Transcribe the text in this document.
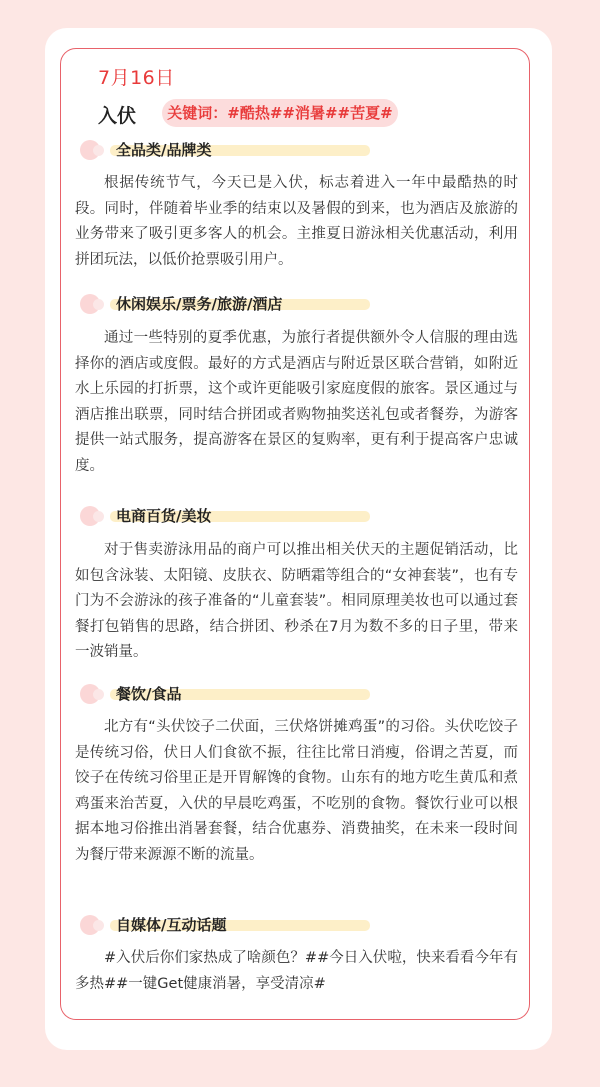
7月16日
入伏	关键词：#酷热##消暑##苦夏#
全品类/品牌类

根据传统节气，今天已是入伏，标志着进入一年中最酷热的时段。同时，伴随着毕业季的结束以及暑假的到来，也为酒店及旅游的业务带来了吸引更多客人的机会。主推夏日游泳相关优惠活动，利用拼团玩法，以低价抢票吸引用户。

休闲娱乐/票务/旅游/酒店

通过一些特别的夏季优惠，为旅行者提供额外令人信服的理由选择你的酒店或度假。最好的方式是酒店与附近景区联合营销，如附近水上乐园的打折票，这个或许更能吸引家庭度假的旅客。景区通过与酒店推出联票，同时结合拼团或者购物抽奖送礼包或者餐券，为游客提供一站式服务，提高游客在景区的复购率，更有利于提高客户忠诚度。

电商百货/美妆

对于售卖游泳用品的商户可以推出相关伏天的主题促销活动，比如包含泳装、太阳镜、皮肤衣、防晒霜等组合的“女神套装”，也有专门为不会游泳的孩子准备的“儿童套装”。相同原理美妆也可以通过套餐打包销售的思路，结合拼团、秒杀在7月为数不多的日子里，带来一波销量。

餐饮/食品

北方有“头伏饺子二伏面，三伏烙饼摊鸡蛋”的习俗。头伏吃饺子是传统习俗，伏日人们食欲不振，往往比常日消瘦，俗谓之苦夏，而饺子在传统习俗里正是开胃解馋的食物。山东有的地方吃生黄瓜和煮鸡蛋来治苦夏，入伏的早晨吃鸡蛋，不吃别的食物。餐饮行业可以根据本地习俗推出消暑套餐，结合优惠券、消费抽奖，在未来一段时间为餐厅带来源源不断的流量。

自媒体/互动话题

#入伏后你们家热成了啥颜色？##今日入伏啦，快来看看今年有多热##一键Get健康消暑，享受清凉#
